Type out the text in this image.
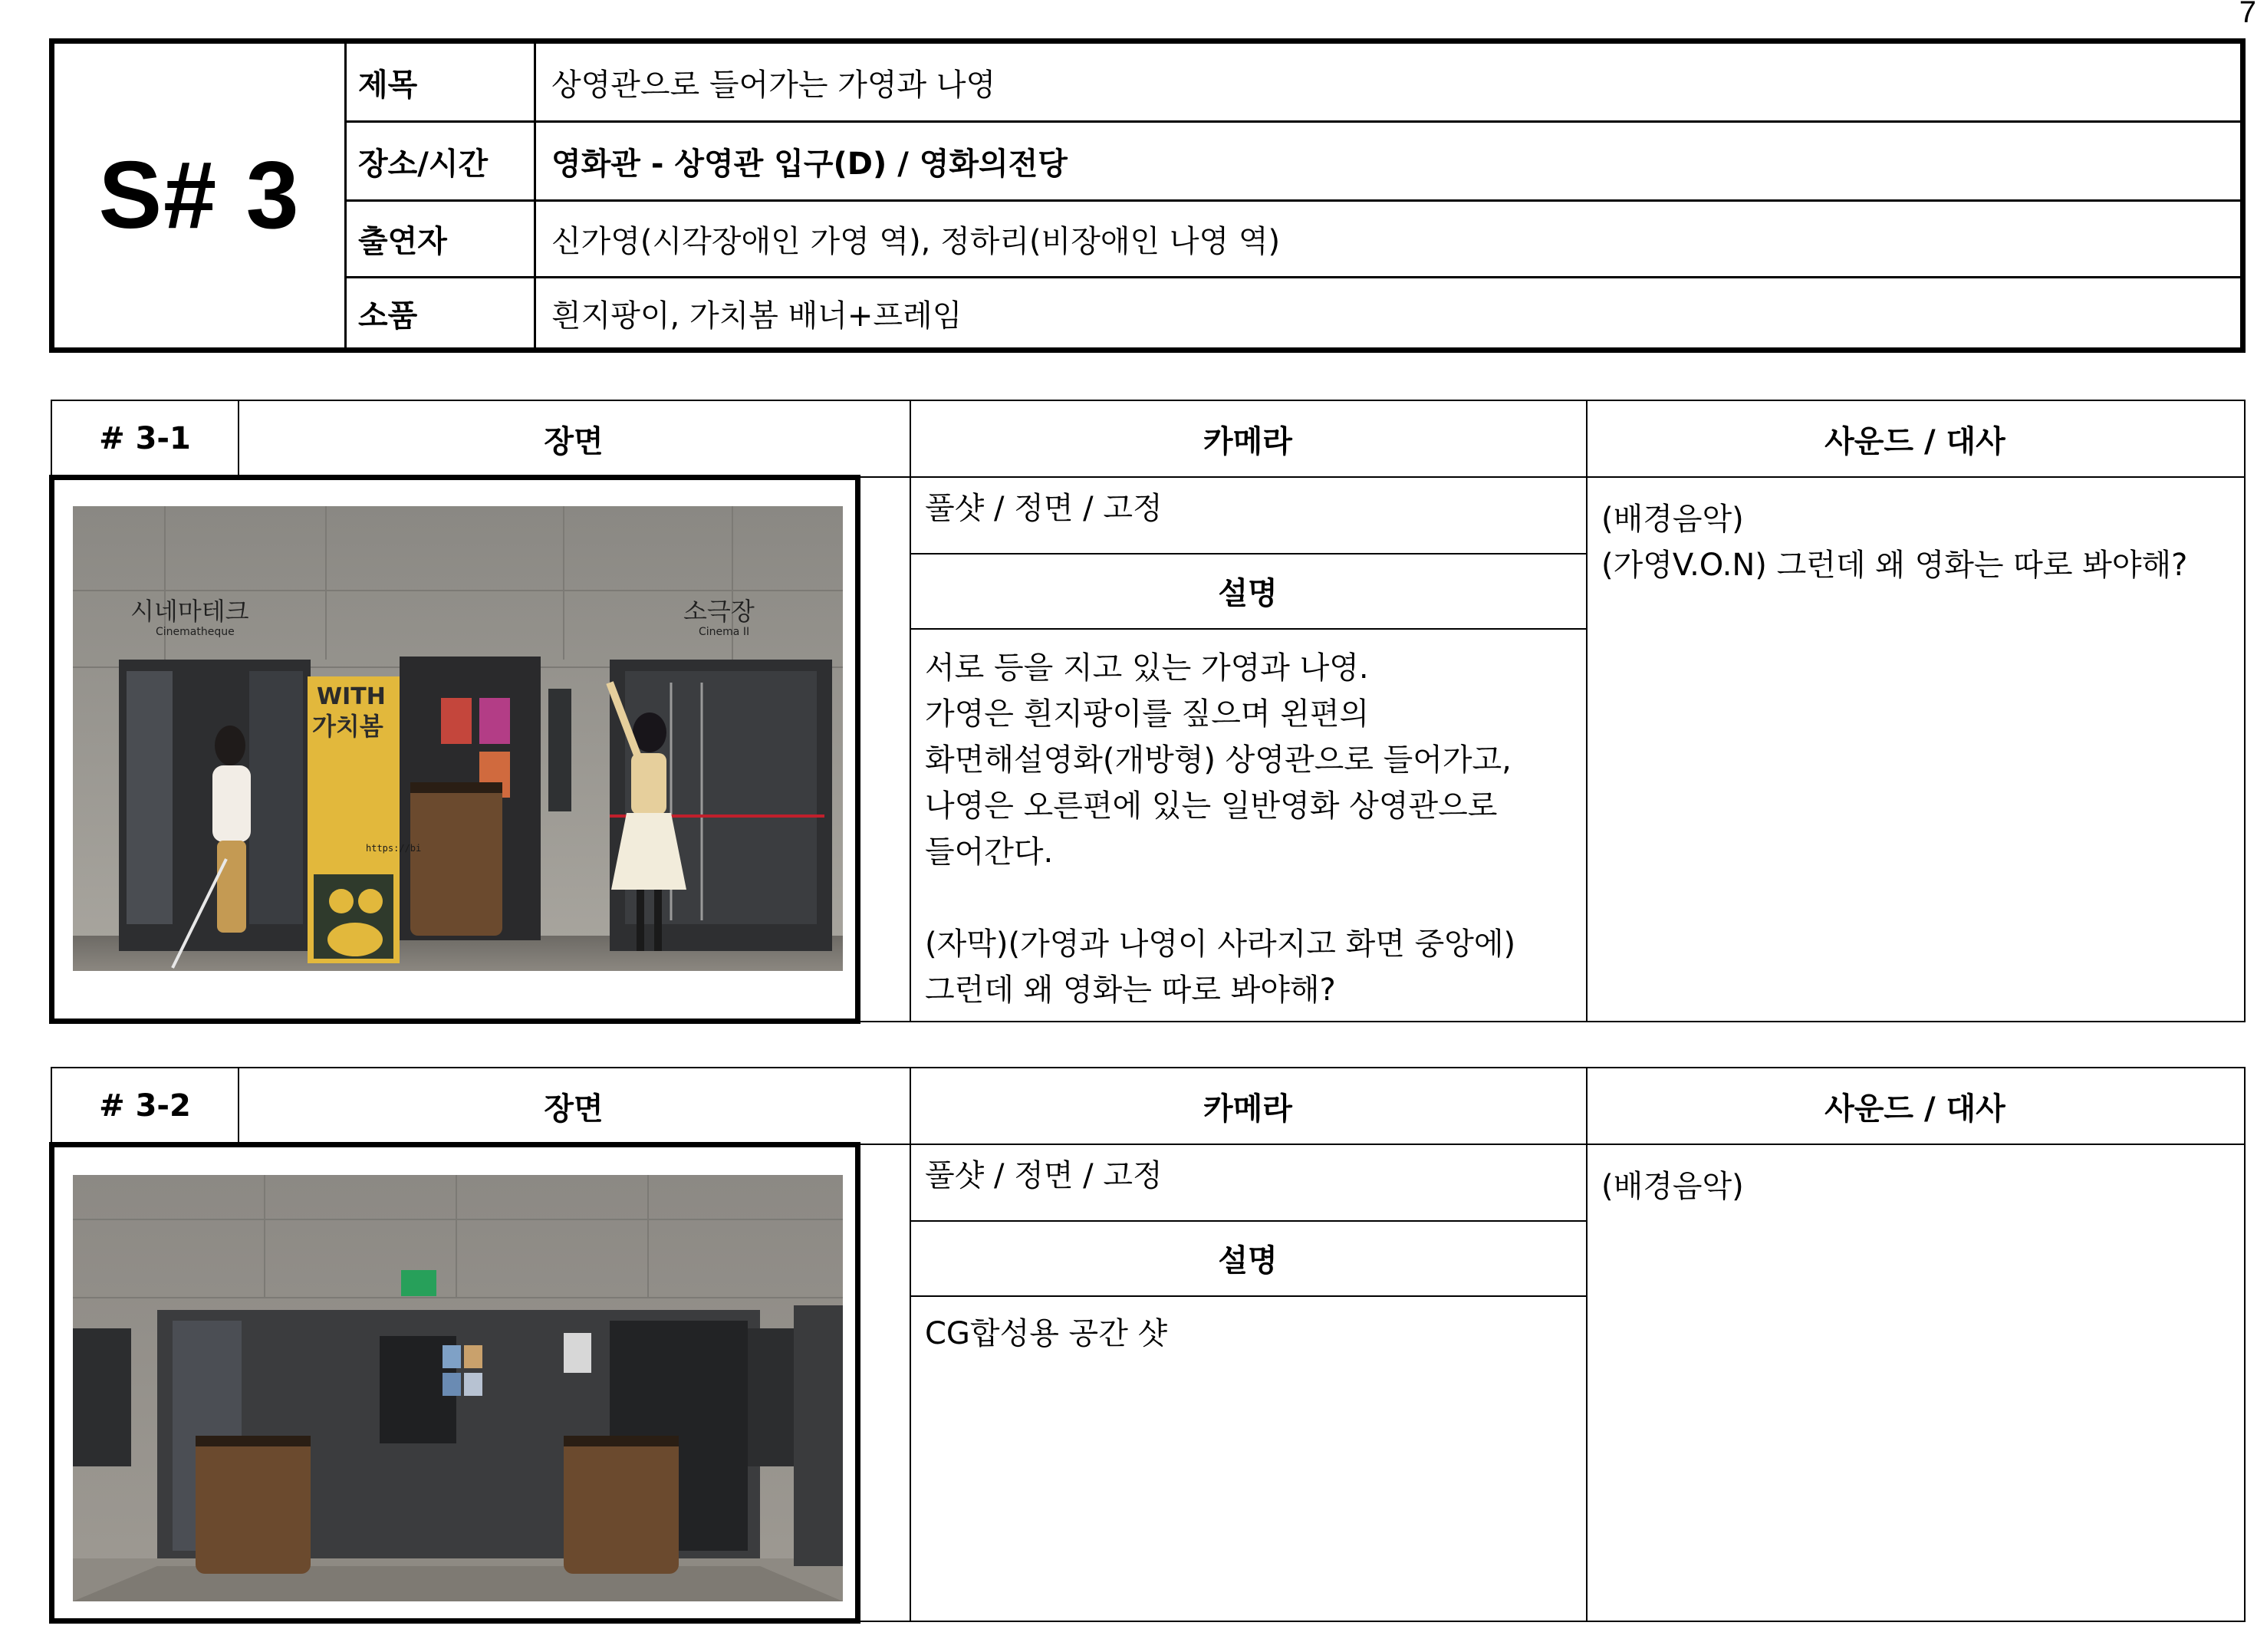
7
S# 3
제목	상영관으로 들어가는 가영과 나영
장소/시간	영화관 - 상영관 입구(D) / 영화의전당
출연자	신가영(시각장애인 가영 역), 정하리(비장애인 나영 역)
소품	흰지팡이, 가치봄 배너+프레임
# 3-1	장면	카메라	사운드 / 대사
풀샷 / 정면 / 고정
설명
서로 등을 지고 있는 가영과 나영.
가영은 흰지팡이를 짚으며 왼편의
화면해설영화(개방형) 상영관으로 들어가고,
나영은 오른편에 있는 일반영화 상영관으로
들어간다.

(자막)(가영과 나영이 사라지고 화면 중앙에)
그런데 왜 영화는 따로 봐야해?
(배경음악)
(가영V.O.N) 그런데 왜 영화는 따로 봐야해?
시네마테크
Cinematheque
소극장
Cinema II
WITH
가치봄
https://bi
# 3-2	장면	카메라	사운드 / 대사
풀샷 / 정면 / 고정
설명
CG합성용 공간 샷
(배경음악)
